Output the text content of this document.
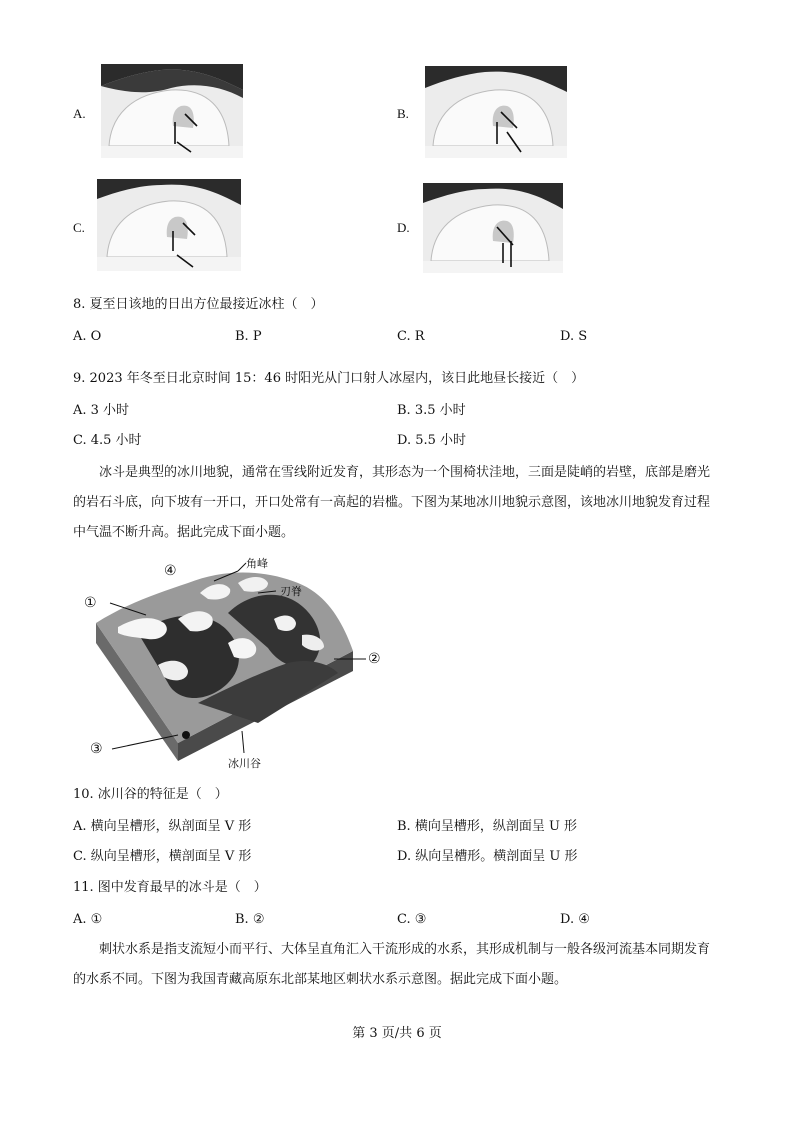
A.	B.
C.	D.
8. 夏至日该地的日出方位最接近冰柱（　）
A. O	B. P	C. R	D. S
9. 2023 年冬至日北京时间 15：46 时阳光从门口射人冰屋内，该日此地昼长接近（　）
A. 3 小时	B. 3.5 小时
C. 4.5 小时	D. 5.5 小时
冰斗是典型的冰川地貌，通常在雪线附近发育，其形态为一个围椅状洼地，三面是陡峭的岩壁，底部是磨光的岩石斗底，向下坡有一开口，开口处常有一高起的岩槛。下图为某地冰川地貌示意图，该地冰川地貌发育过程中气温不断升高。据此完成下面小题。
角峰
刃脊
冰川谷
①
②
③
④
10. 冰川谷的特征是（　）
A. 横向呈槽形，纵剖面呈 V 形	B. 横向呈槽形，纵剖面呈 U 形
C. 纵向呈槽形，横剖面呈 V 形	D. 纵向呈槽形。横剖面呈 U 形
11. 图中发育最早的冰斗是（　）
A. ①	B. ②	C. ③	D. ④
刺状水系是指支流短小而平行、大体呈直角汇入干流形成的水系，其形成机制与一般各级河流基本同期发育的水系不同。下图为我国青藏高原东北部某地区刺状水系示意图。据此完成下面小题。
第 3 页/共 6 页
